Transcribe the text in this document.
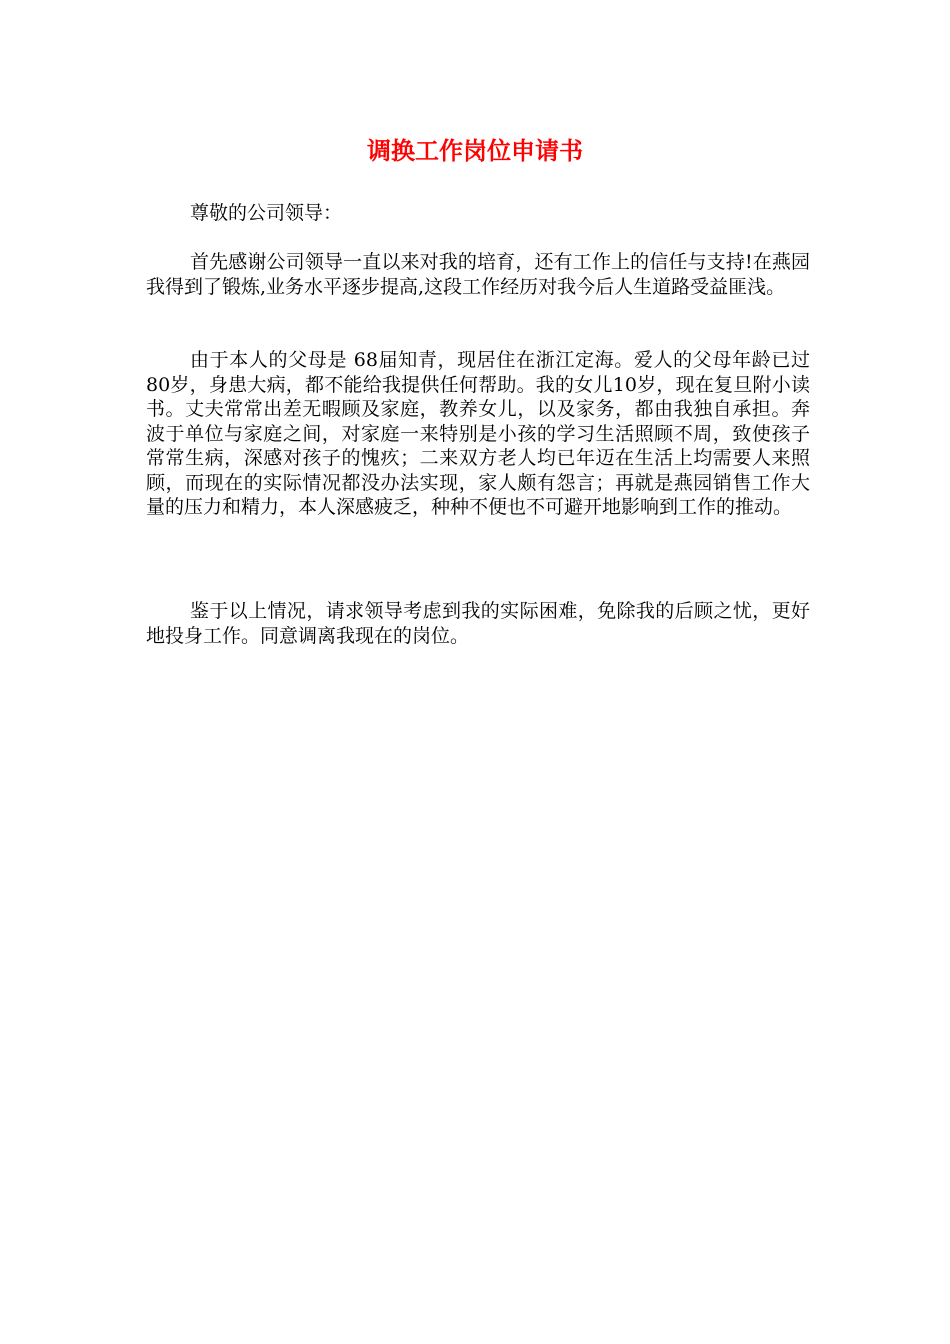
调换工作岗位申请书
尊敬的公司领导：

首先感谢公司领导一直以来对我的培育，还有工作上的信任与支持!在燕园我得到了锻炼,业务水平逐步提高,这段工作经历对我今后人生道路受益匪浅。

由于本人的父母是 68届知青，现居住在浙江定海。爱人的父母年龄已过80岁，身患大病，都不能给我提供任何帮助。我的女儿10岁，现在复旦附小读书。丈夫常常出差无暇顾及家庭，教养女儿，以及家务，都由我独自承担。奔波于单位与家庭之间，对家庭一来特别是小孩的学习生活照顾不周，致使孩子常常生病，深感对孩子的愧疚；二来双方老人均已年迈在生活上均需要人来照顾，而现在的实际情况都没办法实现，家人颇有怨言；再就是燕园销售工作大量的压力和精力，本人深感疲乏，种种不便也不可避开地影响到工作的推动。

鉴于以上情况，请求领导考虑到我的实际困难，免除我的后顾之忧，更好地投身工作。同意调离我现在的岗位。
